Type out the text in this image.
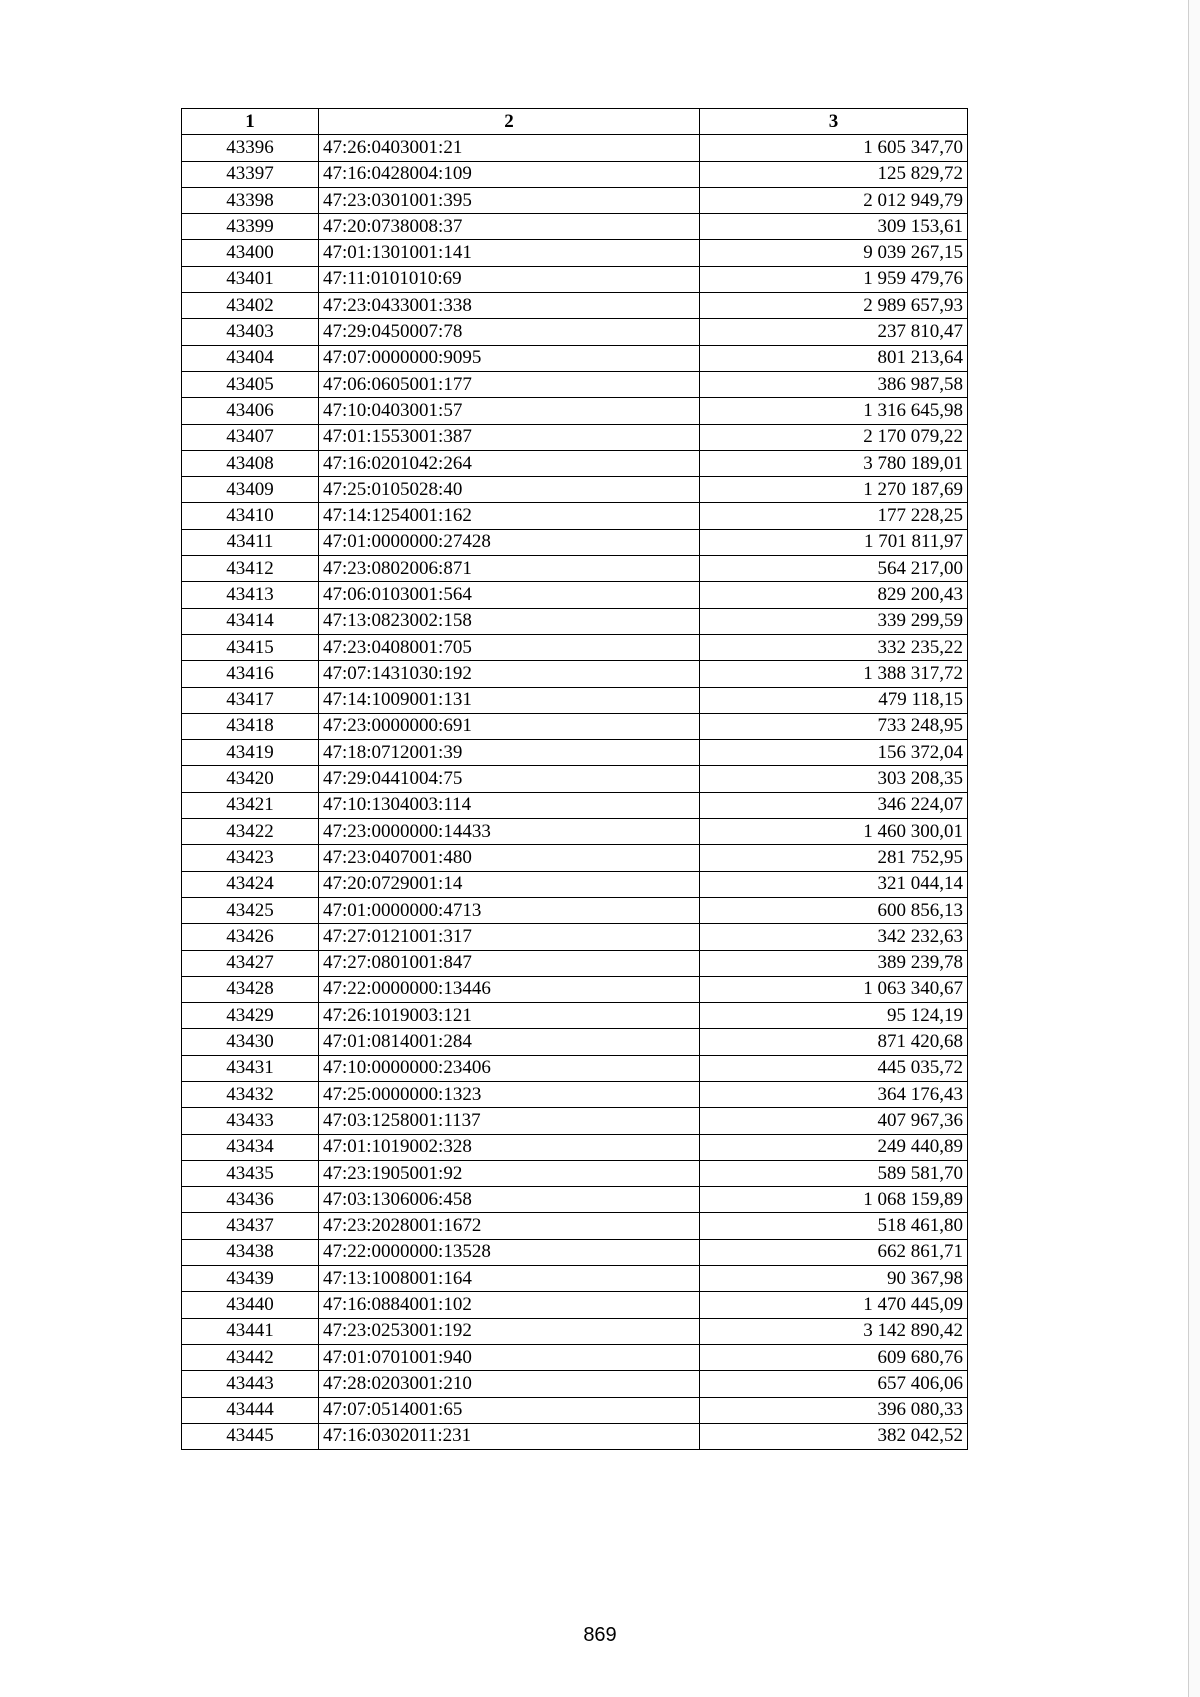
1	2	3
43396	47:26:0403001:21	1 605 347,70
43397	47:16:0428004:109	125 829,72
43398	47:23:0301001:395	2 012 949,79
43399	47:20:0738008:37	309 153,61
43400	47:01:1301001:141	9 039 267,15
43401	47:11:0101010:69	1 959 479,76
43402	47:23:0433001:338	2 989 657,93
43403	47:29:0450007:78	237 810,47
43404	47:07:0000000:9095	801 213,64
43405	47:06:0605001:177	386 987,58
43406	47:10:0403001:57	1 316 645,98
43407	47:01:1553001:387	2 170 079,22
43408	47:16:0201042:264	3 780 189,01
43409	47:25:0105028:40	1 270 187,69
43410	47:14:1254001:162	177 228,25
43411	47:01:0000000:27428	1 701 811,97
43412	47:23:0802006:871	564 217,00
43413	47:06:0103001:564	829 200,43
43414	47:13:0823002:158	339 299,59
43415	47:23:0408001:705	332 235,22
43416	47:07:1431030:192	1 388 317,72
43417	47:14:1009001:131	479 118,15
43418	47:23:0000000:691	733 248,95
43419	47:18:0712001:39	156 372,04
43420	47:29:0441004:75	303 208,35
43421	47:10:1304003:114	346 224,07
43422	47:23:0000000:14433	1 460 300,01
43423	47:23:0407001:480	281 752,95
43424	47:20:0729001:14	321 044,14
43425	47:01:0000000:4713	600 856,13
43426	47:27:0121001:317	342 232,63
43427	47:27:0801001:847	389 239,78
43428	47:22:0000000:13446	1 063 340,67
43429	47:26:1019003:121	95 124,19
43430	47:01:0814001:284	871 420,68
43431	47:10:0000000:23406	445 035,72
43432	47:25:0000000:1323	364 176,43
43433	47:03:1258001:1137	407 967,36
43434	47:01:1019002:328	249 440,89
43435	47:23:1905001:92	589 581,70
43436	47:03:1306006:458	1 068 159,89
43437	47:23:2028001:1672	518 461,80
43438	47:22:0000000:13528	662 861,71
43439	47:13:1008001:164	90 367,98
43440	47:16:0884001:102	1 470 445,09
43441	47:23:0253001:192	3 142 890,42
43442	47:01:0701001:940	609 680,76
43443	47:28:0203001:210	657 406,06
43444	47:07:0514001:65	396 080,33
43445	47:16:0302011:231	382 042,52
869
